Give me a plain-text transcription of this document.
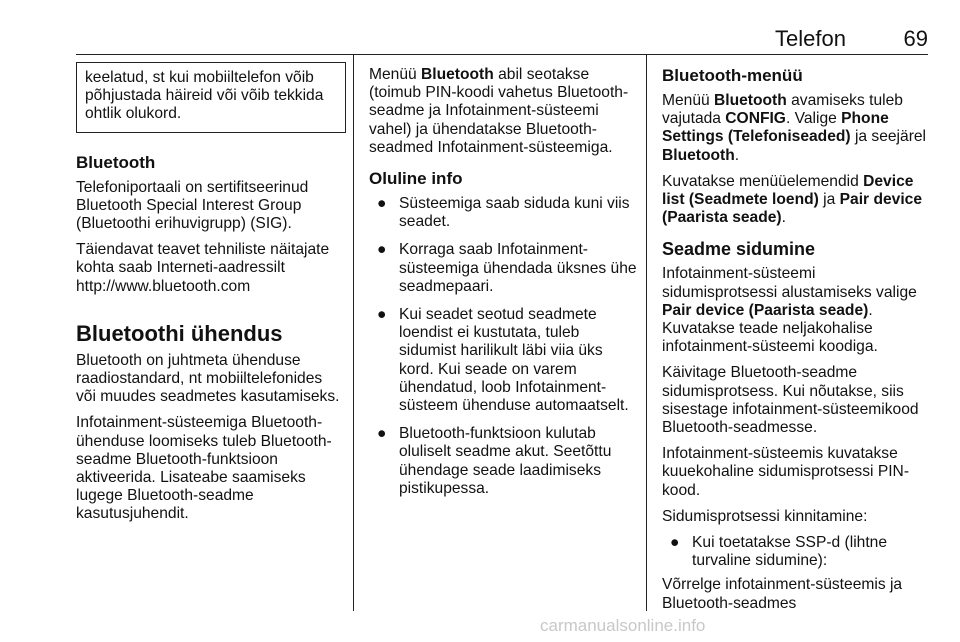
Telefon	69

keelatud, st kui mobiiltelefon võib põhjustada häireid või võib tekkida ohtlik olukord.

Bluetooth

Telefoniportaali on sertifitseerinud Bluetooth Special Interest Group (Bluetoothi erihuvigrupp) (SIG).

Täiendavat teavet tehniliste näitajate kohta saab Interneti-aadressilt http://www.bluetooth.com

Bluetoothi ühendus

Bluetooth on juhtmeta ühenduse raadiostandard, nt mobiiltelefonides või muudes seadmetes kasutamiseks.

Infotainment-süsteemiga Bluetooth-ühenduse loomiseks tuleb Bluetooth-seadme Bluetooth-funktsioon aktiveerida. Lisateabe saamiseks lugege Bluetooth-seadme kasutusjuhendit.

Menüü Bluetooth abil seotakse (toimub PIN-koodi vahetus Bluetooth-seadme ja Infotainment-süsteemi vahel) ja ühendatakse Bluetooth-seadmed Infotainment-süsteemiga.

Oluline info
● Süsteemiga saab siduda kuni viis seadet.
● Korraga saab Infotainment-süsteemiga ühendada üksnes ühe seadmepaari.
● Kui seadet seotud seadmete loendist ei kustutata, tuleb sidumist harilikult läbi viia üks kord. Kui seade on varem ühendatud, loob Infotainment-süsteem ühenduse automaatselt.
● Bluetooth-funktsioon kulutab oluliselt seadme akut. Seetõttu ühendage seade laadimiseks pistikupessa.
Bluetooth-menüü

Menüü Bluetooth avamiseks tuleb vajutada CONFIG. Valige Phone Settings (Telefoniseaded) ja seejärel Bluetooth.

Kuvatakse menüüelemendid Device list (Seadmete loend) ja Pair device (Paarista seade).

Seadme sidumine

Infotainment-süsteemi sidumisprotsessi alustamiseks valige Pair device (Paarista seade). Kuvatakse teade neljakohalise infotainment-süsteemi koodiga.

Käivitage Bluetooth-seadme sidumisprotsess. Kui nõutakse, siis sisestage infotainment-süsteemikood Bluetooth-seadmesse.

Infotainment-süsteemis kuvatakse kuuekohaline sidumisprotsessi PIN-kood.

Sidumisprotsessi kinnitamine:

● Kui toetatakse SSP-d (lihtne turvaline sidumine):

Võrrelge infotainment-süsteemis ja Bluetooth-seadmes

carmanualsonline.info
